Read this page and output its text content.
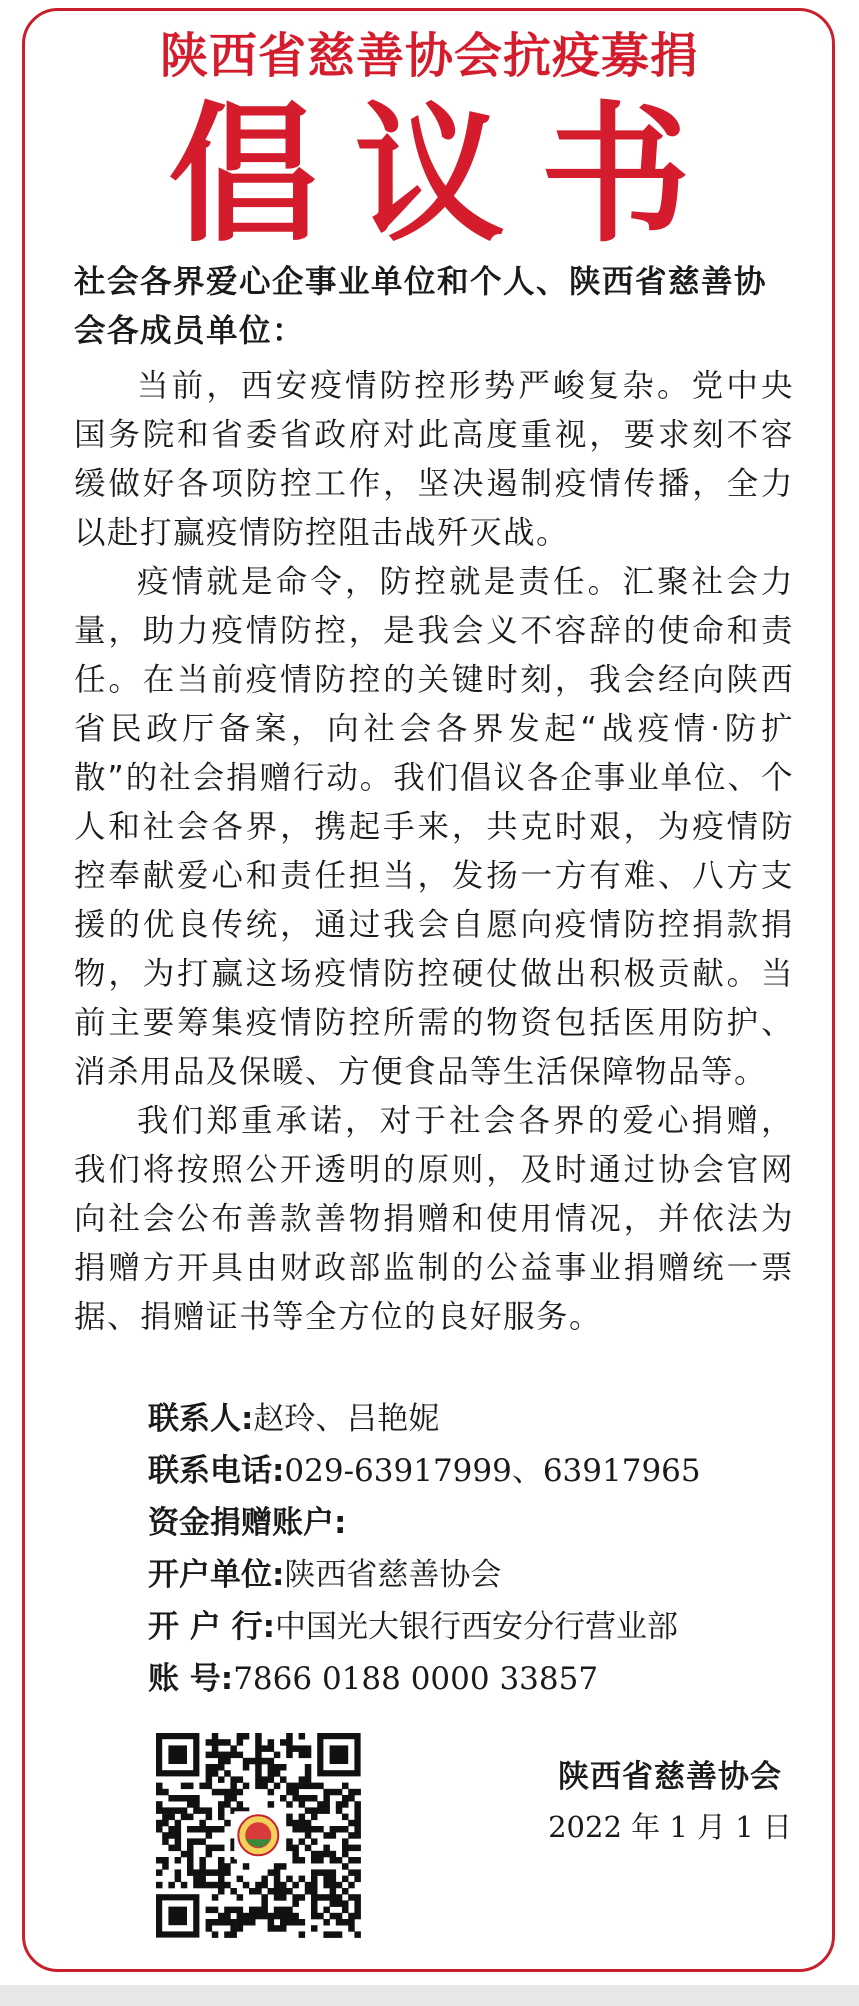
陕西省慈善协会抗疫募捐
倡议书

社会各界爱心企事业单位和个人、陕西省慈善协会各成员单位：

当前，西安疫情防控形势严峻复杂。党中央国务院和省委省政府对此高度重视，要求刻不容缓做好各项防控工作，坚决遏制疫情传播，全力以赴打赢疫情防控阻击战歼灭战。

疫情就是命令，防控就是责任。汇聚社会力量，助力疫情防控，是我会义不容辞的使命和责任。在当前疫情防控的关键时刻，我会经向陕西省民政厅备案，向社会各界发起“战疫情·防扩散”的社会捐赠行动。我们倡议各企事业单位、个人和社会各界，携起手来，共克时艰，为疫情防控奉献爱心和责任担当，发扬一方有难、八方支援的优良传统，通过我会自愿向疫情防控捐款捐物，为打赢这场疫情防控硬仗做出积极贡献。当前主要筹集疫情防控所需的物资包括医用防护、消杀用品及保暖、方便食品等生活保障物品等。

我们郑重承诺，对于社会各界的爱心捐赠，我们将按照公开透明的原则，及时通过协会官网向社会公布善款善物捐赠和使用情况，并依法为捐赠方开具由财政部监制的公益事业捐赠统一票据、捐赠证书等全方位的良好服务。

联系人:赵玲、吕艳妮
联系电话:029-63917999、63917965
资金捐赠账户:
开户单位:陕西省慈善协会
开 户 行:中国光大银行西安分行营业部
账 号:7866 0188 0000 33857
陕西省慈善协会
2022 年 1 月 1 日
